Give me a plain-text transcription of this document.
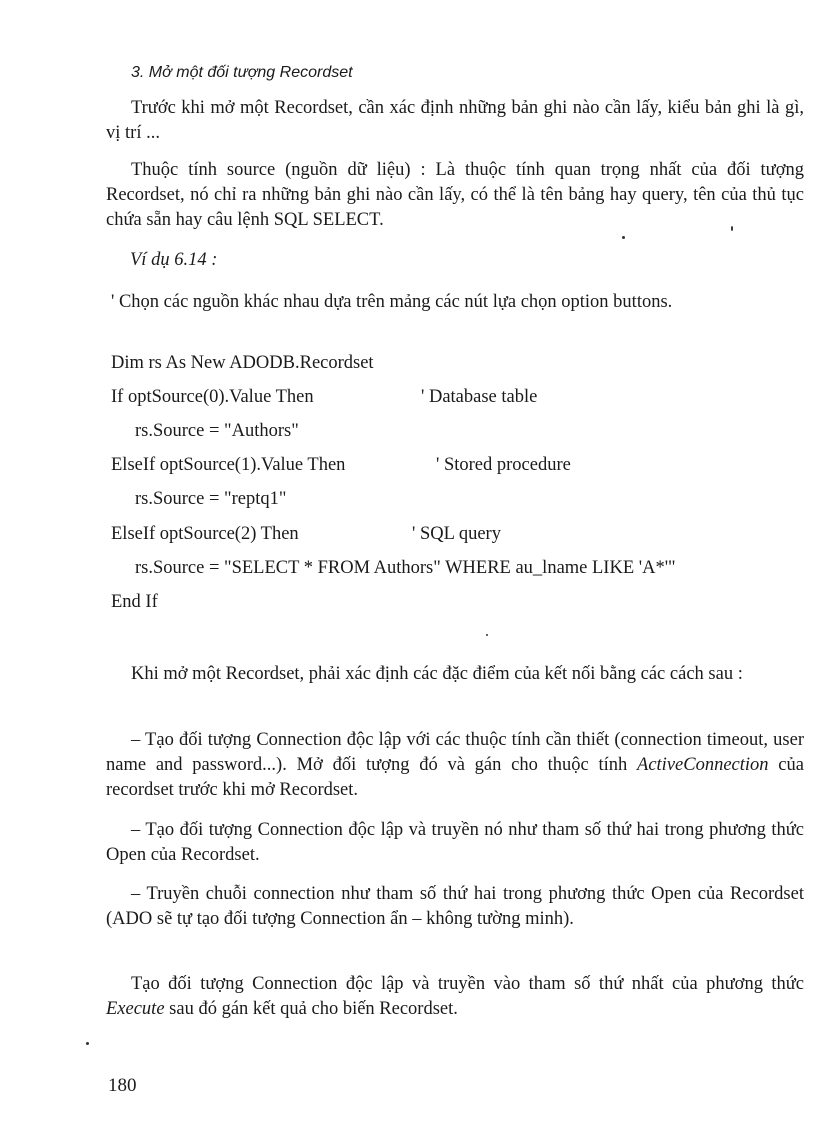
3. Mở một đối tượng Recordset

Trước khi mở một Recordset, cần xác định những bản ghi nào cần lấy, kiểu bản ghi là gì, vị trí ...

Thuộc tính source (nguồn dữ liệu) : Là thuộc tính quan trọng nhất của đối tượng Recordset, nó chỉ ra những bản ghi nào cần lấy, có thể là tên bảng hay query, tên của thủ tục chứa sẵn hay câu lệnh SQL SELECT.

Ví dụ 6.14 :

' Chọn các nguồn khác nhau dựa trên mảng các nút lựa chọn option buttons.

Dim rs As New ADODB.Recordset
If optSource(0).Value Then	' Database table
rs.Source = "Authors"
ElseIf optSource(1).Value Then	' Stored procedure
rs.Source = "reptq1"
ElseIf optSource(2) Then	' SQL query
rs.Source = "SELECT * FROM Authors" WHERE au_lname LIKE 'A*'"
End If

Khi mở một Recordset, phải xác định các đặc điểm của kết nối bằng các cách sau :

– Tạo đối tượng Connection độc lập với các thuộc tính cần thiết (connection timeout, user name and password...). Mở đối tượng đó và gán cho thuộc tính ActiveConnection của recordset trước khi mở Recordset.

– Tạo đối tượng Connection độc lập và truyền nó như tham số thứ hai trong phương thức Open của Recordset.

– Truyền chuỗi connection như tham số thứ hai trong phương thức Open của Recordset (ADO sẽ tự tạo đối tượng Connection ẩn – không tường minh).

Tạo đối tượng Connection độc lập và truyền vào tham số thứ nhất của phương thức Execute sau đó gán kết quả cho biến Recordset.

180
